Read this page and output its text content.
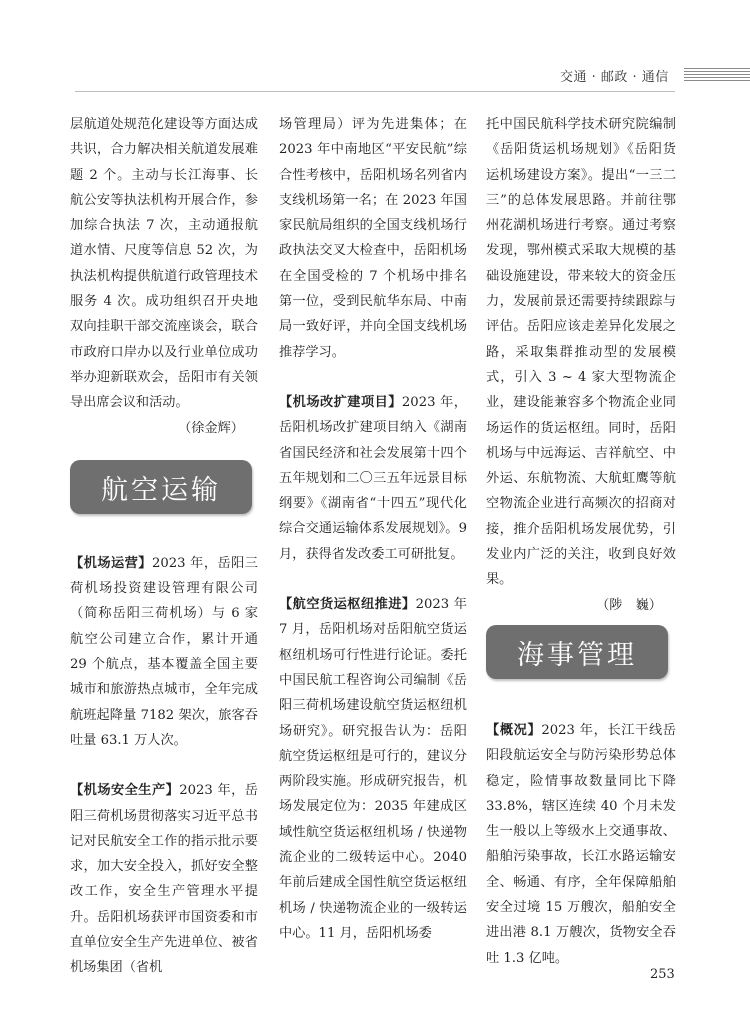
交通 · 邮政 · 通信

层航道处规范化建设等方面达成共识，合力解决相关航道发展难题 2 个。主动与长江海事、长航公安等执法机构开展合作，参加综合执法 7 次，主动通报航道水情、尺度等信息 52 次，为执法机构提供航道行政管理技术服务 4 次。成功组织召开央地双向挂职干部交流座谈会，联合市政府口岸办以及行业单位成功举办迎新联欢会，岳阳市有关领导出席会议和活动。

（徐金辉）

【机场运营】2023 年，岳阳三荷机场投资建设管理有限公司（简称岳阳三荷机场）与 6 家航空公司建立合作，累计开通 29 个航点，基本覆盖全国主要城市和旅游热点城市，全年完成航班起降量 7182 架次，旅客吞吐量 63.1 万人次。

【机场安全生产】2023 年，岳阳三荷机场贯彻落实习近平总书记对民航安全工作的指示批示要求，加大安全投入，抓好安全整改工作，安全生产管理水平提升。岳阳机场获评市国资委和市直单位安全生产先进单位、被省机场集团（省机

航空运输

场管理局）评为先进集体；在 2023 年中南地区“平安民航”综合性考核中，岳阳机场名列省内支线机场第一名；在 2023 年国家民航局组织的全国支线机场行政执法交叉大检查中，岳阳机场在全国受检的 7 个机场中排名第一位，受到民航华东局、中南局一致好评，并向全国支线机场推荐学习。

【机场改扩建项目】2023 年，岳阳机场改扩建项目纳入《湖南省国民经济和社会发展第十四个五年规划和二〇三五年远景目标纲要》《湖南省“十四五”现代化综合交通运输体系发展规划》。9 月，获得省发改委工可研批复。

【航空货运枢纽推进】2023 年 7 月，岳阳机场对岳阳航空货运枢纽机场可行性进行论证。委托中国民航工程咨询公司编制《岳阳三荷机场建设航空货运枢纽机场研究》。研究报告认为：岳阳航空货运枢纽是可行的，建议分两阶段实施。形成研究报告，机场发展定位为：2035 年建成区域性航空货运枢纽机场 / 快递物流企业的二级转运中心。2040 年前后建成全国性航空货运枢纽机场 / 快递物流企业的一级转运中心。11 月，岳阳机场委

托中国民航科学技术研究院编制《岳阳货运机场规划》《岳阳货运机场建设方案》。提出“一三二三”的总体发展思路。并前往鄂州花湖机场进行考察。通过考察发现，鄂州模式采取大规模的基础设施建设，带来较大的资金压力，发展前景还需要持续跟踪与评估。岳阳应该走差异化发展之路，采取集群推动型的发展模式，引入 3 ~ 4 家大型物流企业，建设能兼容多个物流企业同场运作的货运枢纽。同时，岳阳机场与中远海运、吉祥航空、中外运、东航物流、大航虹鹰等航空物流企业进行高频次的招商对接，推介岳阳机场发展优势，引发业内广泛的关注，收到良好效果。

（陟　巍）

【概况】2023 年，长江干线岳阳段航运安全与防污染形势总体稳定，险情事故数量同比下降 33.8%，辖区连续 40 个月未发生一般以上等级水上交通事故、船舶污染事故，长江水路运输安全、畅通、有序，全年保障船舶安全过境 15 万艘次，船舶安全进出港 8.1 万艘次，货物安全吞吐 1.3 亿吨。

海事管理
253
